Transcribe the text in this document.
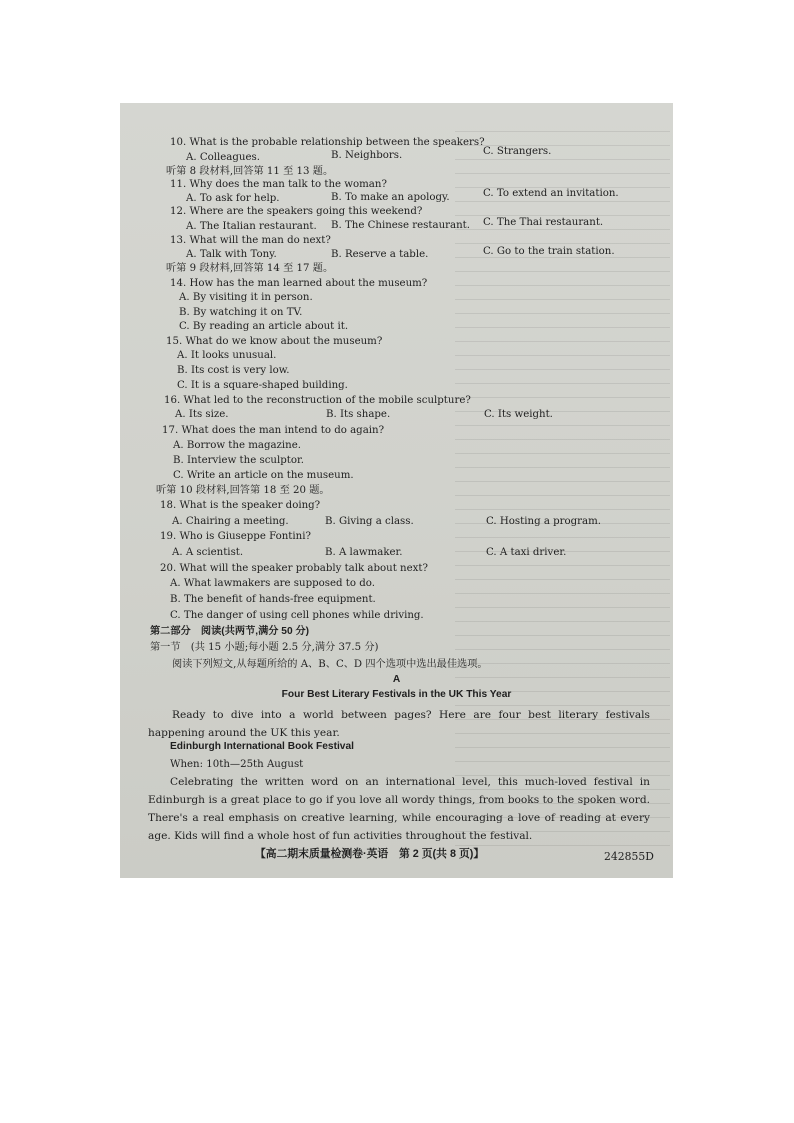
10. What is the probable relationship between the speakers?
A. Colleagues.	B. Neighbors.	C. Strangers.
听第 8 段材料,回答第 11 至 13 题。
11. Why does the man talk to the woman?
A. To ask for help.	B. To make an apology.	C. To extend an invitation.
12. Where are the speakers going this weekend?
A. The Italian restaurant. B. The Chinese restaurant. C. The Thai restaurant.
13. What will the man do next?
A. Talk with Tony.	B. Reserve a table.	C. Go to the train station.
听第 9 段材料,回答第 14 至 17 题。
14. How has the man learned about the museum?
A. By visiting it in person.
B. By watching it on TV.
C. By reading an article about it.
15. What do we know about the museum?
A. It looks unusual.
B. Its cost is very low.
C. It is a square-shaped building.
16. What led to the reconstruction of the mobile sculpture?
A. Its size.	B. Its shape.	C. Its weight.
17. What does the man intend to do again?
A. Borrow the magazine.
B. Interview the sculptor.
C. Write an article on the museum.
听第 10 段材料,回答第 18 至 20 题。
18. What is the speaker doing?
A. Chairing a meeting.	B. Giving a class.	C. Hosting a program.
19. Who is Giuseppe Fontini?
A. A scientist.	B. A lawmaker.	C. A taxi driver.
20. What will the speaker probably talk about next?
A. What lawmakers are supposed to do.
B. The benefit of hands-free equipment.
C. The danger of using cell phones while driving.
第二部分　阅读(共两节,满分 50 分)
第一节　(共 15 小题;每小题 2.5 分,满分 37.5 分)
阅读下列短文,从每题所给的 A、B、C、D 四个选项中选出最佳选项。
A
Four Best Literary Festivals in the UK This Year
Ready to dive into a world between pages? Here are four best literary festivals happening around the UK this year.
Edinburgh International Book Festival
When: 10th—25th August
Celebrating the written word on an international level, this much-loved festival in Edinburgh is a great place to go if you love all wordy things, from books to the spoken word. There's a real emphasis on creative learning, while encouraging a love of reading at every age. Kids will find a whole host of fun activities throughout the festival.
【高二期末质量检测卷·英语　第 2 页(共 8 页)】	242855D
